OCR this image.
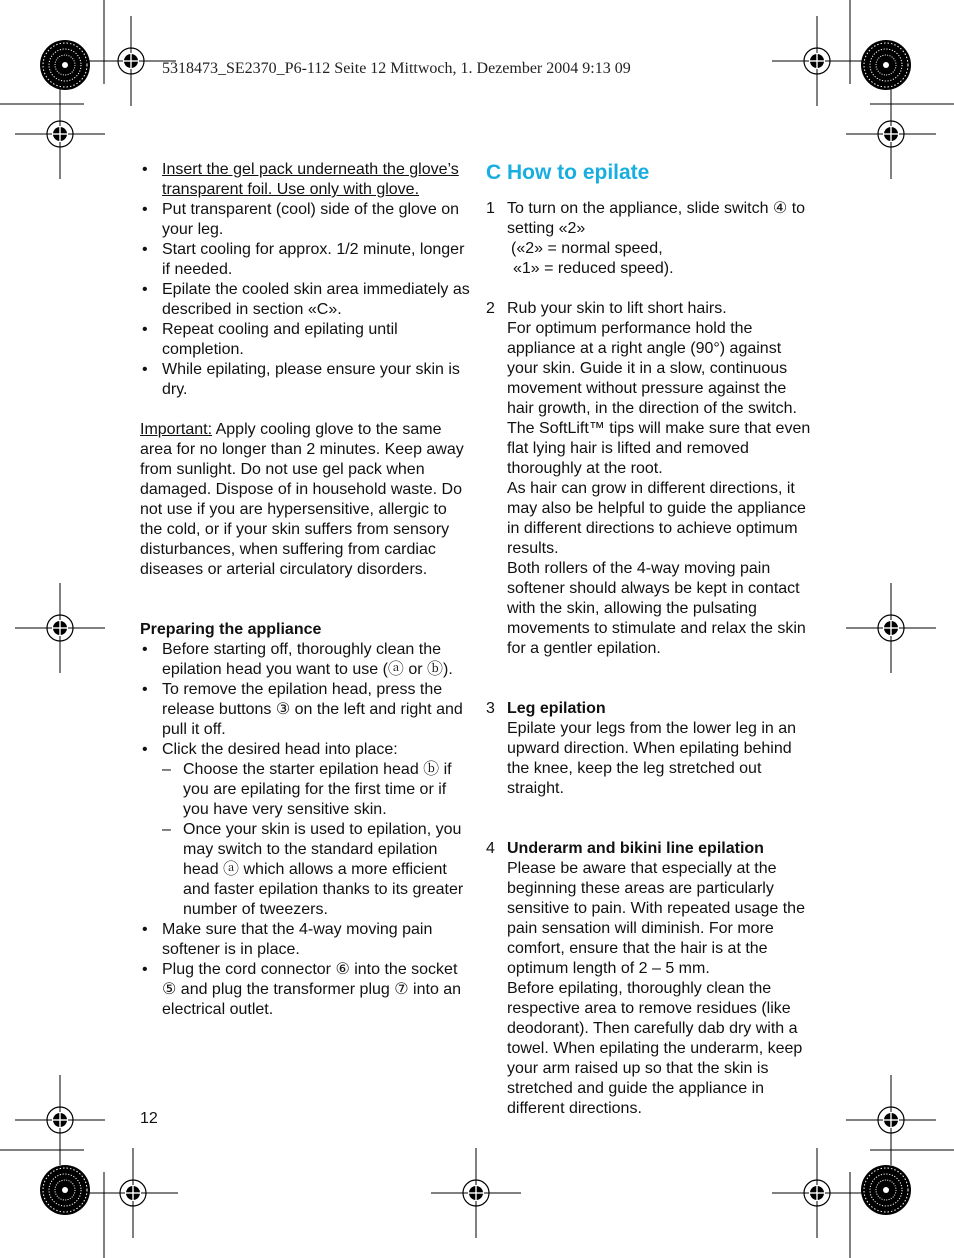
5318473_SE2370_P6-112 Seite 12 Mittwoch, 1. Dezember 2004 9:13 09
• Insert the gel pack underneath the glove’s transparent foil. Use only with glove.
• Put transparent (cool) side of the glove on your leg.
• Start cooling for approx. 1/2 minute, longer if needed.
• Epilate the cooled skin area immediately as described in section «C».
• Repeat cooling and epilating until completion.
• While epilating, please ensure your skin is dry.
Important: Apply cooling glove to the same area for no longer than 2 minutes. Keep away from sunlight. Do not use gel pack when damaged. Dispose of in household waste. Do not use if you are hypersensitive, allergic to the cold, or if your skin suffers from sensory disturbances, when suffering from cardiac diseases or arterial circulatory disorders.
Preparing the appliance
• Before starting off, thoroughly clean the epilation head you want to use (ⓐ or ⓑ).
• To remove the epilation head, press the release buttons ③ on the left and right and pull it off.
• Click the desired head into place:
– Choose the starter epilation head ⓑ if you are epilating for the first time or if you have very sensitive skin.
– Once your skin is used to epilation, you may switch to the standard epilation head ⓐ which allows a more efficient and faster epilation thanks to its greater number of tweezers.
• Make sure that the 4-way moving pain softener is in place.
• Plug the cord connector ⑥ into the socket ⑤ and plug the transformer plug ⑦ into an electrical outlet.
C How to epilate
1 To turn on the appliance, slide switch ④ to setting «2»
(«2» = normal speed,
«1» = reduced speed).
2 Rub your skin to lift short hairs.
For optimum performance hold the appliance at a right angle (90°) against your skin. Guide it in a slow, continuous movement without pressure against the hair growth, in the direction of the switch. The SoftLift™ tips will make sure that even flat lying hair is lifted and removed thoroughly at the root.
As hair can grow in different directions, it may also be helpful to guide the appliance in different directions to achieve optimum results.
Both rollers of the 4-way moving pain softener should always be kept in contact with the skin, allowing the pulsating movements to stimulate and relax the skin for a gentler epilation.
3 Leg epilation
Epilate your legs from the lower leg in an upward direction. When epilating behind the knee, keep the leg stretched out straight.
4 Underarm and bikini line epilation
Please be aware that especially at the beginning these areas are particularly sensitive to pain. With repeated usage the pain sensation will diminish. For more comfort, ensure that the hair is at the optimum length of 2 – 5 mm.
Before epilating, thoroughly clean the respective area to remove residues (like deodorant). Then carefully dab dry with a towel. When epilating the underarm, keep your arm raised up so that the skin is stretched and guide the appliance in different directions.
12
